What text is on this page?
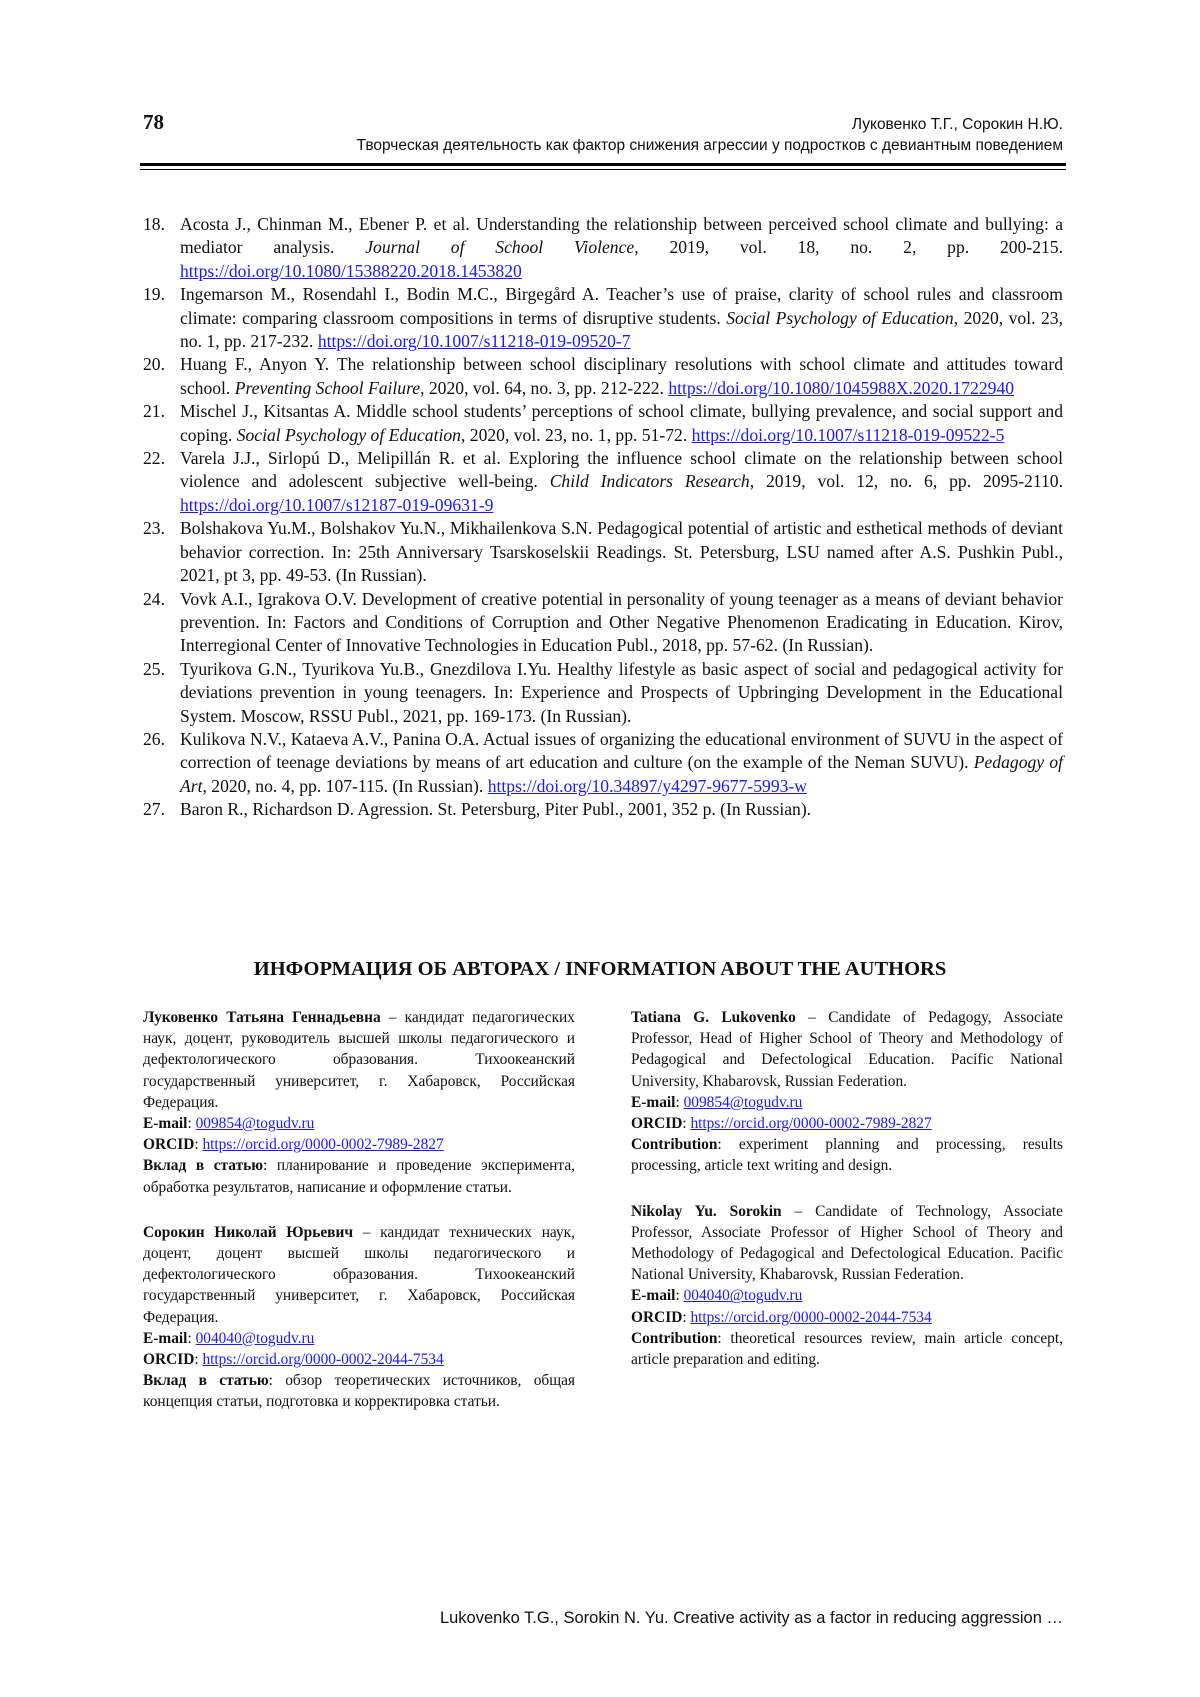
78	Луковенко Т.Г., Сорокин Н.Ю.
Творческая деятельность как фактор снижения агрессии у подростков с девиантным поведением
18. Acosta J., Chinman M., Ebener P. et al. Understanding the relationship between perceived school climate and bullying: a mediator analysis. Journal of School Violence, 2019, vol. 18, no. 2, pp. 200-215. https://doi.org/10.1080/15388220.2018.1453820
19. Ingemarson M., Rosendahl I., Bodin M.C., Birgegård A. Teacher’s use of praise, clarity of school rules and classroom climate: comparing classroom compositions in terms of disruptive students. Social Psychology of Education, 2020, vol. 23, no. 1, pp. 217-232. https://doi.org/10.1007/s11218-019-09520-7
20. Huang F., Anyon Y. The relationship between school disciplinary resolutions with school climate and attitudes toward school. Preventing School Failure, 2020, vol. 64, no. 3, pp. 212-222. https://doi.org/10.1080/1045988X.2020.1722940
21. Mischel J., Kitsantas A. Middle school students’ perceptions of school climate, bullying prevalence, and social support and coping. Social Psychology of Education, 2020, vol. 23, no. 1, pp. 51-72. https://doi.org/10.1007/s11218-019-09522-5
22. Varela J.J., Sirlopú D., Melipillán R. et al. Exploring the influence school climate on the relationship between school violence and adolescent subjective well-being. Child Indicators Research, 2019, vol. 12, no. 6, pp. 2095-2110. https://doi.org/10.1007/s12187-019-09631-9
23. Bolshakova Yu.M., Bolshakov Yu.N., Mikhailenkova S.N. Pedagogical potential of artistic and esthetical methods of deviant behavior correction. In: 25th Anniversary Tsarskoselskii Readings. St. Petersburg, LSU named after A.S. Pushkin Publ., 2021, pt 3, pp. 49-53. (In Russian).
24. Vovk A.I., Igrakova O.V. Development of creative potential in personality of young teenager as a means of deviant behavior prevention. In: Factors and Conditions of Corruption and Other Negative Phenomenon Eradicating in Education. Kirov, Interregional Center of Innovative Technologies in Education Publ., 2018, pp. 57-62. (In Russian).
25. Tyurikova G.N., Tyurikova Yu.B., Gnezdilova I.Yu. Healthy lifestyle as basic aspect of social and pedagogical activity for deviations prevention in young teenagers. In: Experience and Prospects of Upbringing Development in the Educational System. Moscow, RSSU Publ., 2021, pp. 169-173. (In Russian).
26. Kulikova N.V., Kataeva A.V., Panina O.A. Actual issues of organizing the educational environment of SUVU in the aspect of correction of teenage deviations by means of art education and culture (on the example of the Neman SUVU). Pedagogy of Art, 2020, no. 4, pp. 107-115. (In Russian). https://doi.org/10.34897/y4297-9677-5993-w
27. Baron R., Richardson D. Agression. St. Petersburg, Piter Publ., 2001, 352 p. (In Russian).
ИНФОРМАЦИЯ ОБ АВТОРАХ / INFORMATION ABOUT THE AUTHORS

Луковенко Татьяна Геннадьевна – кандидат педагогических наук, доцент, руководитель высшей школы педагогического и дефектологического образования. Тихоокеанский государственный университет, г. Хабаровск, Российская Федерация.

E-mail: 009854@togudv.ru

ORCID: https://orcid.org/0000-0002-7989-2827

Вклад в статью: планирование и проведение эксперимента, обработка результатов, написание и оформление статьи.

Сорокин Николай Юрьевич – кандидат технических наук, доцент, доцент высшей школы педагогического и дефектологического образования. Тихоокеанский государственный университет, г. Хабаровск, Российская Федерация.

E-mail: 004040@togudv.ru

ORCID: https://orcid.org/0000-0002-2044-7534

Вклад в статью: обзор теоретических источников, общая концепция статьи, подготовка и корректировка статьи.

Tatiana G. Lukovenko – Candidate of Pedagogy, Associate Professor, Head of Higher School of Theory and Methodology of Pedagogical and Defectological Education. Pacific National University, Khabarovsk, Russian Federation.

E-mail: 009854@togudv.ru

ORCID: https://orcid.org/0000-0002-7989-2827

Contribution: experiment planning and processing, results processing, article text writing and design.

Nikolay Yu. Sorokin – Candidate of Technology, Associate Professor, Associate Professor of Higher School of Theory and Methodology of Pedagogical and Defectological Education. Pacific National University, Khabarovsk, Russian Federation.

E-mail: 004040@togudv.ru

ORCID: https://orcid.org/0000-0002-2044-7534

Contribution: theoretical resources review, main article concept, article preparation and editing.

Lukovenko T.G., Sorokin N. Yu. Creative activity as a factor in reducing aggression …
